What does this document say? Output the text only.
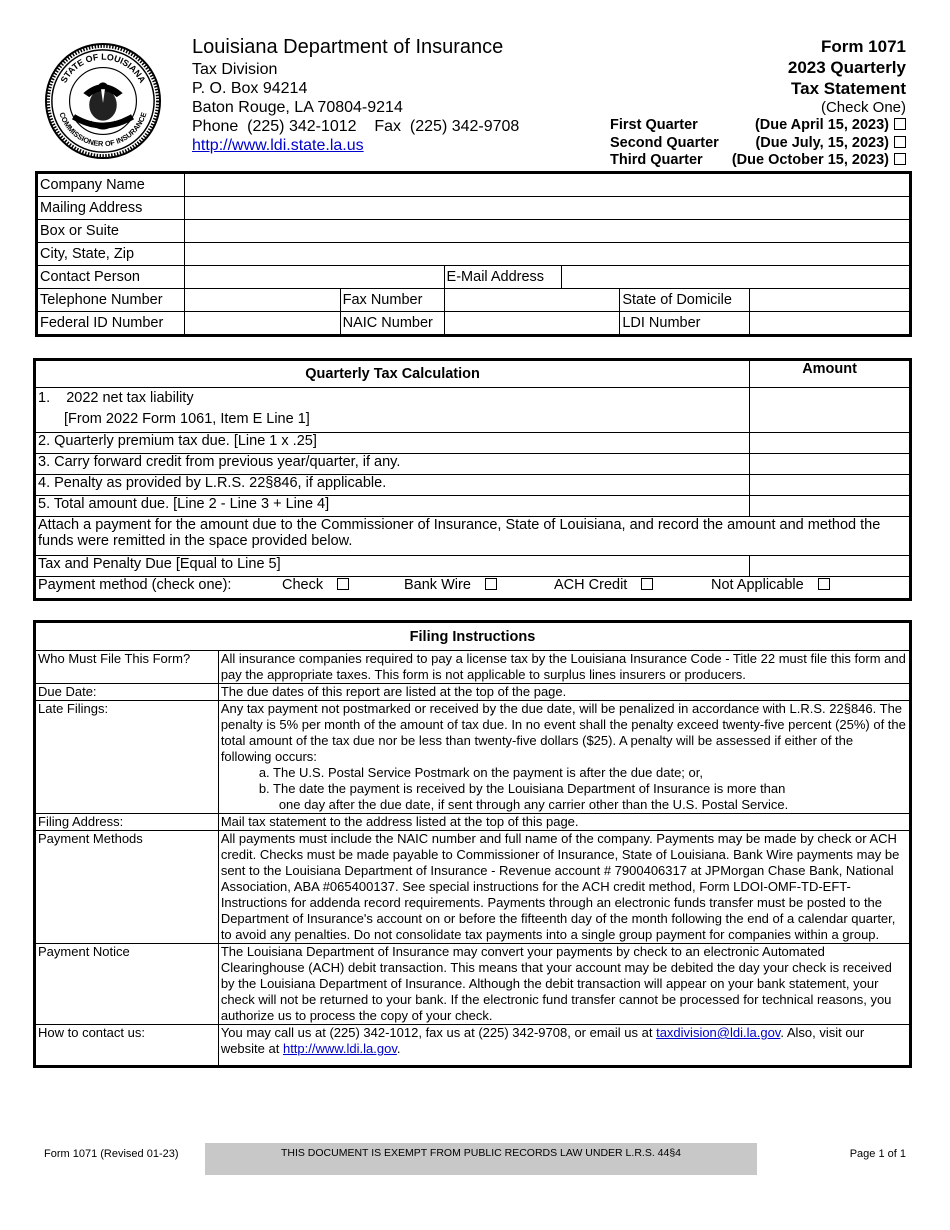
STATE OF LOUISIANA
COMMISSIONER OF INSURANCE
Louisiana Department of Insurance
Tax Division
P. O. Box 94214
Baton Rouge, LA 70804-9214
Phone  (225) 342-1012    Fax  (225) 342-9708
http://www.ldi.state.la.us
Form 1071
2023 Quarterly
Tax Statement
(Check One)
First Quarter	(Due April 15, 2023)
Second Quarter	(Due July, 15, 2023)
Third Quarter (Due October 15, 2023)
Company Name						
Mailing Address						
Box or Suite						
City, State, Zip						
Contact Person			E-Mail Address			
Telephone Number		Fax Number			State of Domicile	
Federal ID Number		NAIC Number			LDI Number	
Quarterly Tax Calculation	Amount

1.    2022 net tax liability
[From 2022 Form 1061, Item E Line 1]	

2. Quarterly premium tax due. [Line 1 x .25]	
3. Carry forward credit from previous year/quarter, if any.	
4. Penalty as provided by L.R.S. 22§846, if applicable.	
5. Total amount due. [Line 2 - Line 3 + Line 4]	
Attach a payment for the amount due to the Commissioner of Insurance, State of Louisiana, and record the amount and method the funds were remitted in the space provided below.	
Tax and Penalty Due [Equal to Line 5]	

Payment method (check one): Check Bank Wire ACH Credit Not Applicable	
Filing Instructions	
Who Must File This Form?	All insurance companies required to pay a license tax by the Louisiana Insurance Code - Title 22 must file this form and pay the appropriate taxes. This form is not applicable to surplus lines insurers or producers.
Due Date:	The due dates of this report are listed at the top of the page.
Late Filings:	Any tax payment not postmarked or received by the due date, will be penalized in accordance with L.R.S. 22§846. The penalty is 5% per month of the amount of tax due. In no event shall the penalty exceed twenty-five percent (25%) of the total amount of the tax due nor be less than twenty-five dollars ($25). A penalty will be assessed if either of the following occurs:
a. The U.S. Postal Service Postmark on the payment is after the due date; or,
b. The date the payment is received by the Louisiana Department of Insurance is more than
one day after the due date, if sent through any carrier other than the U.S. Postal Service.

Filing Address:	Mail tax statement to the address listed at the top of this page.
Payment Methods	All payments must include the NAIC number and full name of the company. Payments may be made by check or ACH credit. Checks must be made payable to Commissioner of Insurance, State of Louisiana. Bank Wire payments may be sent to the Louisiana Department of Insurance - Revenue account # 7900406317 at JPMorgan Chase Bank, National Association, ABA #065400137. See special instructions for the ACH credit method, Form LDOI-OMF-TD-EFT-Instructions for addenda record requirements. Payments through an electronic funds transfer must be posted to the Department of Insurance's account on or before the fifteenth day of the month following the end of a calendar quarter, to avoid any penalties. Do not consolidate tax payments into a single group payment for companies within a group.
Payment Notice	The Louisiana Department of Insurance may convert your payments by check to an electronic Automated Clearinghouse (ACH) debit transaction. This means that your account may be debited the day your check is received by the Louisiana Department of Insurance. Although the debit transaction will appear on your bank statement, your check will not be returned to your bank. If the electronic fund transfer cannot be processed for technical reasons, you authorize us to process the copy of your check.
How to contact us:	You may call us at (225) 342-1012, fax us at (225) 342-9708, or email us at taxdivision@ldi.la.gov. Also, visit our website at http://www.ldi.la.gov.
Form 1071 (Revised 01-23)	THIS DOCUMENT IS EXEMPT FROM PUBLIC RECORDS LAW UNDER L.R.S. 44§4	Page 1 of 1
